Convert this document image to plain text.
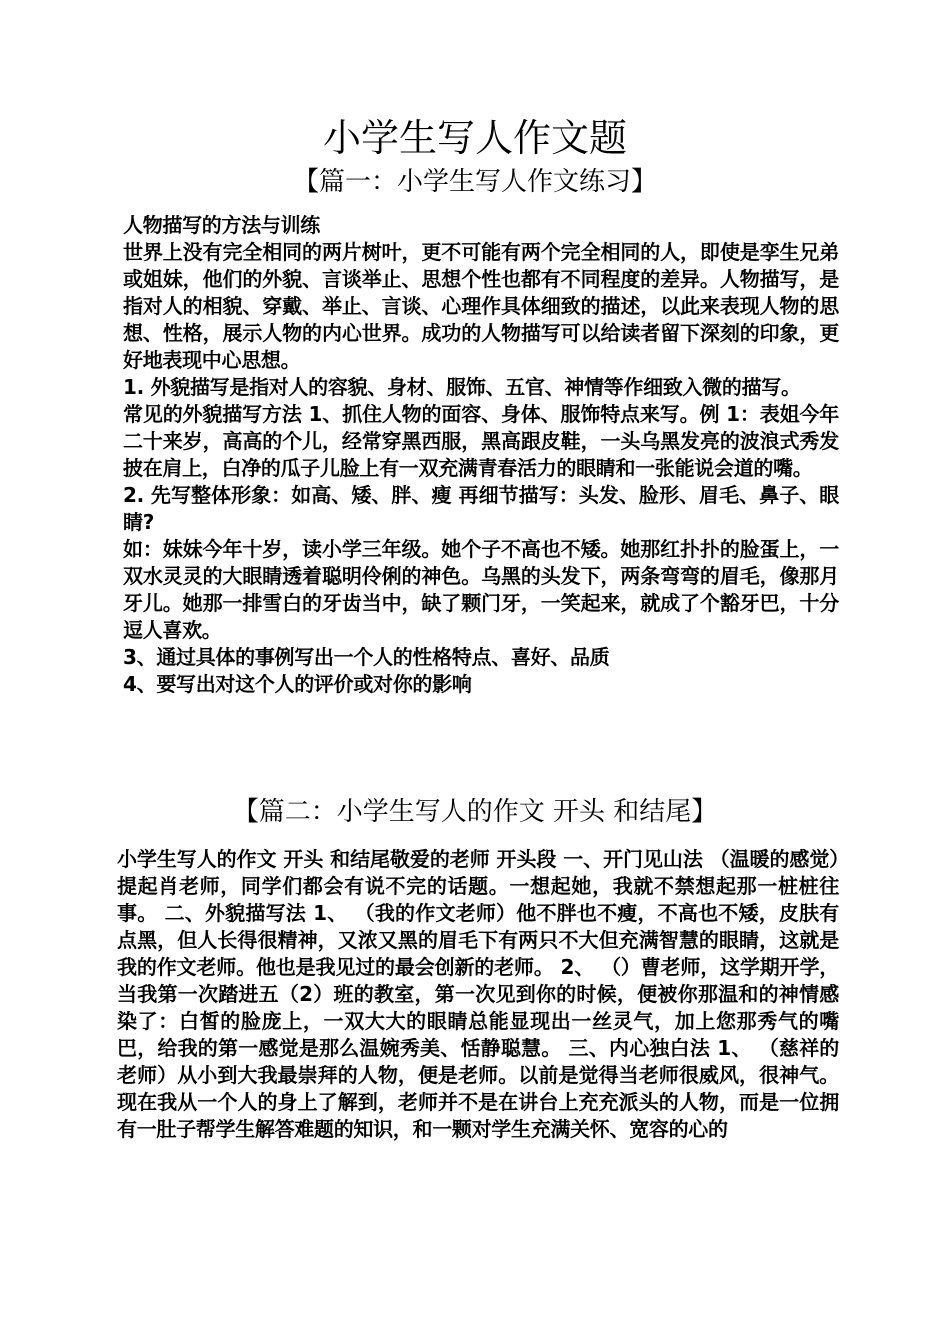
小学生写人作文题
【篇一：小学生写人作文练习】

人物描写的方法与训练

世界上没有完全相同的两片树叶，更不可能有两个完全相同的人，即使是孪生兄弟或姐妹，他们的外貌、言谈举止、思想个性也都有不同程度的差异。人物描写，是指对人的相貌、穿戴、举止、言谈、心理作具体细致的描述，以此来表现人物的思想、性格，展示人物的内心世界。成功的人物描写可以给读者留下深刻的印象，更好地表现中心思想。

1. 外貌描写是指对人的容貌、身材、服饰、五官、神情等作细致入微的描写。

常见的外貌描写方法 1、抓住人物的面容、身体、服饰特点来写。例 1：表姐今年二十来岁，高高的个儿，经常穿黑西服，黑高跟皮鞋，一头乌黑发亮的波浪式秀发披在肩上，白净的瓜子儿脸上有一双充满青春活力的眼睛和一张能说会道的嘴。

2. 先写整体形象：如高、矮、胖、瘦 再细节描写：头发、脸形、眉毛、鼻子、眼睛?

如：妹妹今年十岁，读小学三年级。她个子不高也不矮。她那红扑扑的脸蛋上，一双水灵灵的大眼睛透着聪明伶俐的神色。乌黑的头发下，两条弯弯的眉毛，像那月牙儿。她那一排雪白的牙齿当中，缺了颗门牙，一笑起来，就成了个豁牙巴，十分逗人喜欢。

3、通过具体的事例写出一个人的性格特点、喜好、品质

4、要写出对这个人的评价或对你的影响

【篇二：小学生写人的作文 开头 和结尾】

小学生写人的作文 开头 和结尾敬爱的老师 开头段 一、开门见山法 （温暖的感觉）提起肖老师，同学们都会有说不完的话题。一想起她，我就不禁想起那一桩桩往事。 二、外貌描写法 1、 （我的作文老师）他不胖也不瘦，不高也不矮，皮肤有点黑，但人长得很精神，又浓又黑的眉毛下有两只不大但充满智慧的眼睛，这就是我的作文老师。他也是我见过的最会创新的老师。 2、 （）曹老师，这学期开学，当我第一次踏进五（2）班的教室，第一次见到你的时候，便被你那温和的神情感染了：白皙的脸庞上，一双大大的眼睛总能显现出一丝灵气，加上您那秀气的嘴巴，给我的第一感觉是那么温婉秀美、恬静聪慧。 三、内心独白法 1、 （慈祥的老师）从小到大我最崇拜的人物，便是老师。以前是觉得当老师很威风，很神气。现在我从一个人的身上了解到，老师并不是在讲台上充充派头的人物，而是一位拥有一肚子帮学生解答难题的知识，和一颗对学生充满关怀、宽容的心的
